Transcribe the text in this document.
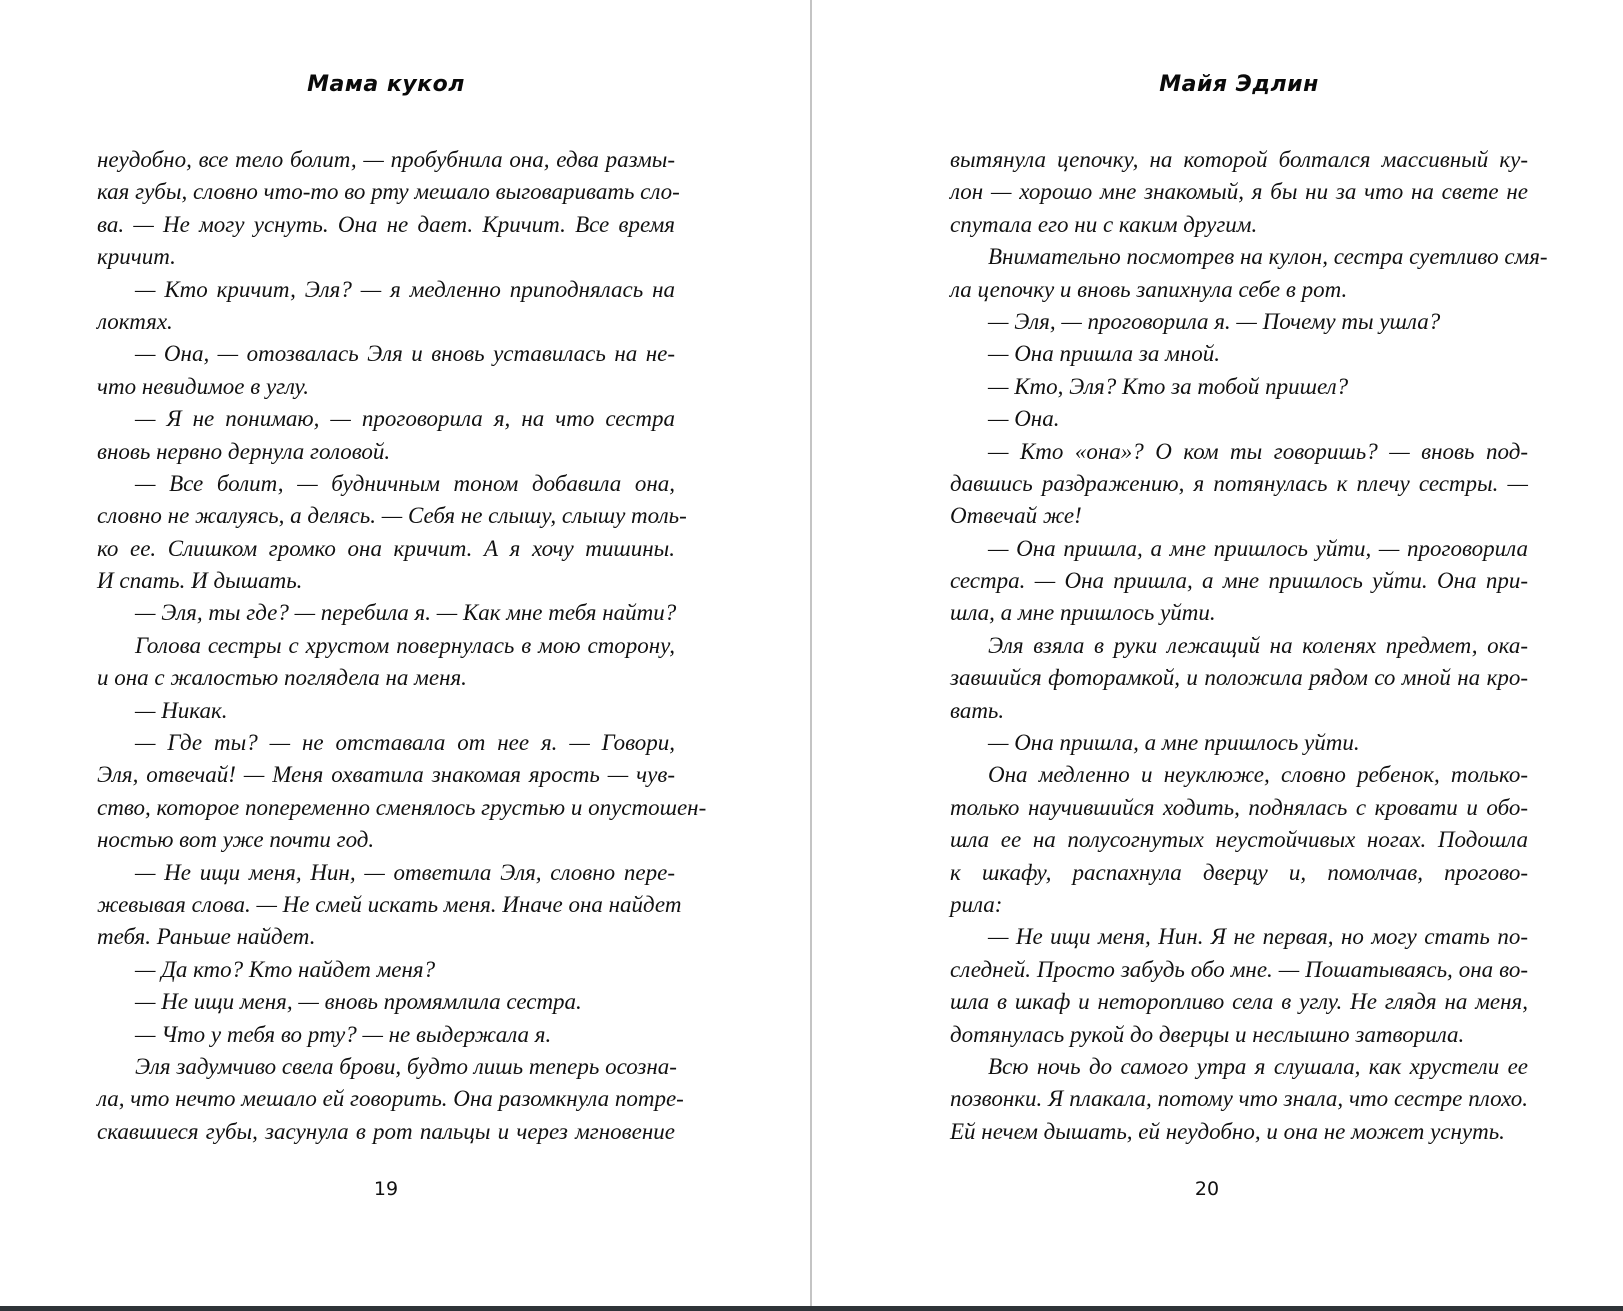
Мама кукол
неудобно, все тело болит, — пробубнила она, едва размы-
кая губы, словно что-то во рту мешало выговаривать сло-
ва. — Не могу уснуть. Она не дает. Кричит. Все время
кричит.
— Кто кричит, Эля? — я медленно приподнялась на
локтях.
— Она, — отозвалась Эля и вновь уставилась на не-
что невидимое в углу.
— Я не понимаю, — проговорила я, на что сестра
вновь нервно дернула головой.
— Все болит, — будничным тоном добавила она,
словно не жалуясь, а делясь. — Себя не слышу, слышу толь-
ко ее. Слишком громко она кричит. А я хочу тишины.
И спать. И дышать.
— Эля, ты где? — перебила я. — Как мне тебя найти?
Голова сестры с хрустом повернулась в мою сторону,
и она с жалостью поглядела на меня.
— Никак.
— Где ты? — не отставала от нее я. — Говори,
Эля, отвечай! — Меня охватила знакомая ярость — чув-
ство, которое попеременно сменялось грустью и опустошен-
ностью вот уже почти год.
— Не ищи меня, Нин, — ответила Эля, словно пере-
жевывая слова. — Не смей искать меня. Иначе она найдет
тебя. Раньше найдет.
— Да кто? Кто найдет меня?
— Не ищи меня, — вновь промямлила сестра.
— Что у тебя во рту? — не выдержала я.
Эля задумчиво свела брови, будто лишь теперь осозна-
ла, что нечто мешало ей говорить. Она разомкнула потре-
скавшиеся губы, засунула в рот пальцы и через мгновение
19
Майя Эдлин
вытянула цепочку, на которой болтался массивный ку-
лон — хорошо мне знакомый, я бы ни за что на свете не
спутала его ни с каким другим.
Внимательно посмотрев на кулон, сестра суетливо смя-
ла цепочку и вновь запихнула себе в рот.
— Эля, — проговорила я. — Почему ты ушла?
— Она пришла за мной.
— Кто, Эля? Кто за тобой пришел?
— Она.
— Кто «она»? О ком ты говоришь? — вновь под-
давшись раздражению, я потянулась к плечу сестры. —
Отвечай же!
— Она пришла, а мне пришлось уйти, — проговорила
сестра. — Она пришла, а мне пришлось уйти. Она при-
шла, а мне пришлось уйти.
Эля взяла в руки лежащий на коленях предмет, ока-
завшийся фоторамкой, и положила рядом со мной на кро-
вать.
— Она пришла, а мне пришлось уйти.
Она медленно и неуклюже, словно ребенок, только-
только научившийся ходить, поднялась с кровати и обо-
шла ее на полусогнутых неустойчивых ногах. Подошла
к шкафу, распахнула дверцу и, помолчав, прогово-
рила:
— Не ищи меня, Нин. Я не первая, но могу стать по-
следней. Просто забудь обо мне. — Пошатываясь, она во-
шла в шкаф и неторопливо села в углу. Не глядя на меня,
дотянулась рукой до дверцы и неслышно затворила.
Всю ночь до самого утра я слушала, как хрустели ее
позвонки. Я плакала, потому что знала, что сестре плохо.
Ей нечем дышать, ей неудобно, и она не может уснуть.
20
